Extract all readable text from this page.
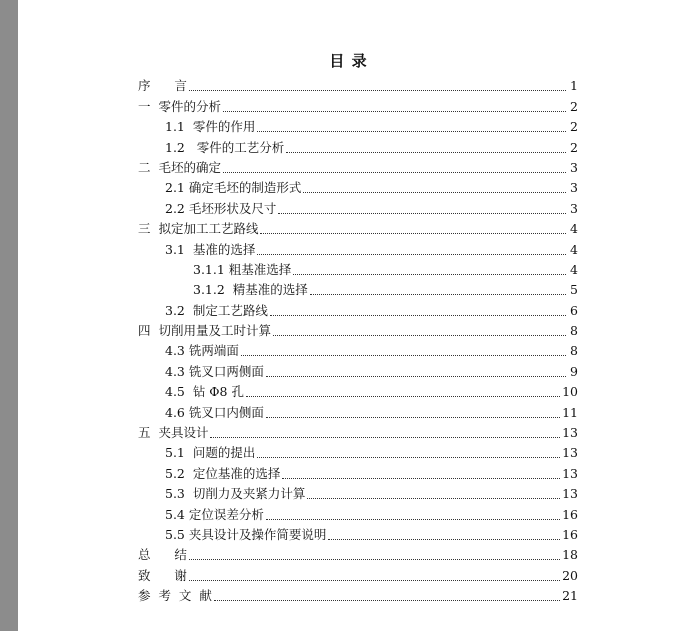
目 录
序      言	1
一  零件的分析	2
1.1  零件的作用	2
1.2   零件的工艺分析	2
二  毛坯的确定	3
2.1 确定毛坯的制造形式	3
2.2 毛坯形状及尺寸	3
三  拟定加工工艺路线	4
3.1  基准的选择	4
3.1.1 粗基准选择	4
3.1.2  精基准的选择	5
3.2  制定工艺路线	6
四  切削用量及工时计算	8
4.3 铣两端面	8
4.3 铣叉口两侧面	9
4.5  钻 Φ8 孔	10
4.6 铣叉口内侧面	11
五  夹具设计	13
5.1  问题的提出	13
5.2  定位基准的选择	13
5.3  切削力及夹紧力计算	13
5.4 定位误差分析	16
5.5 夹具设计及操作简要说明	16
总      结	18
致      谢	20
参  考  文  献	21
